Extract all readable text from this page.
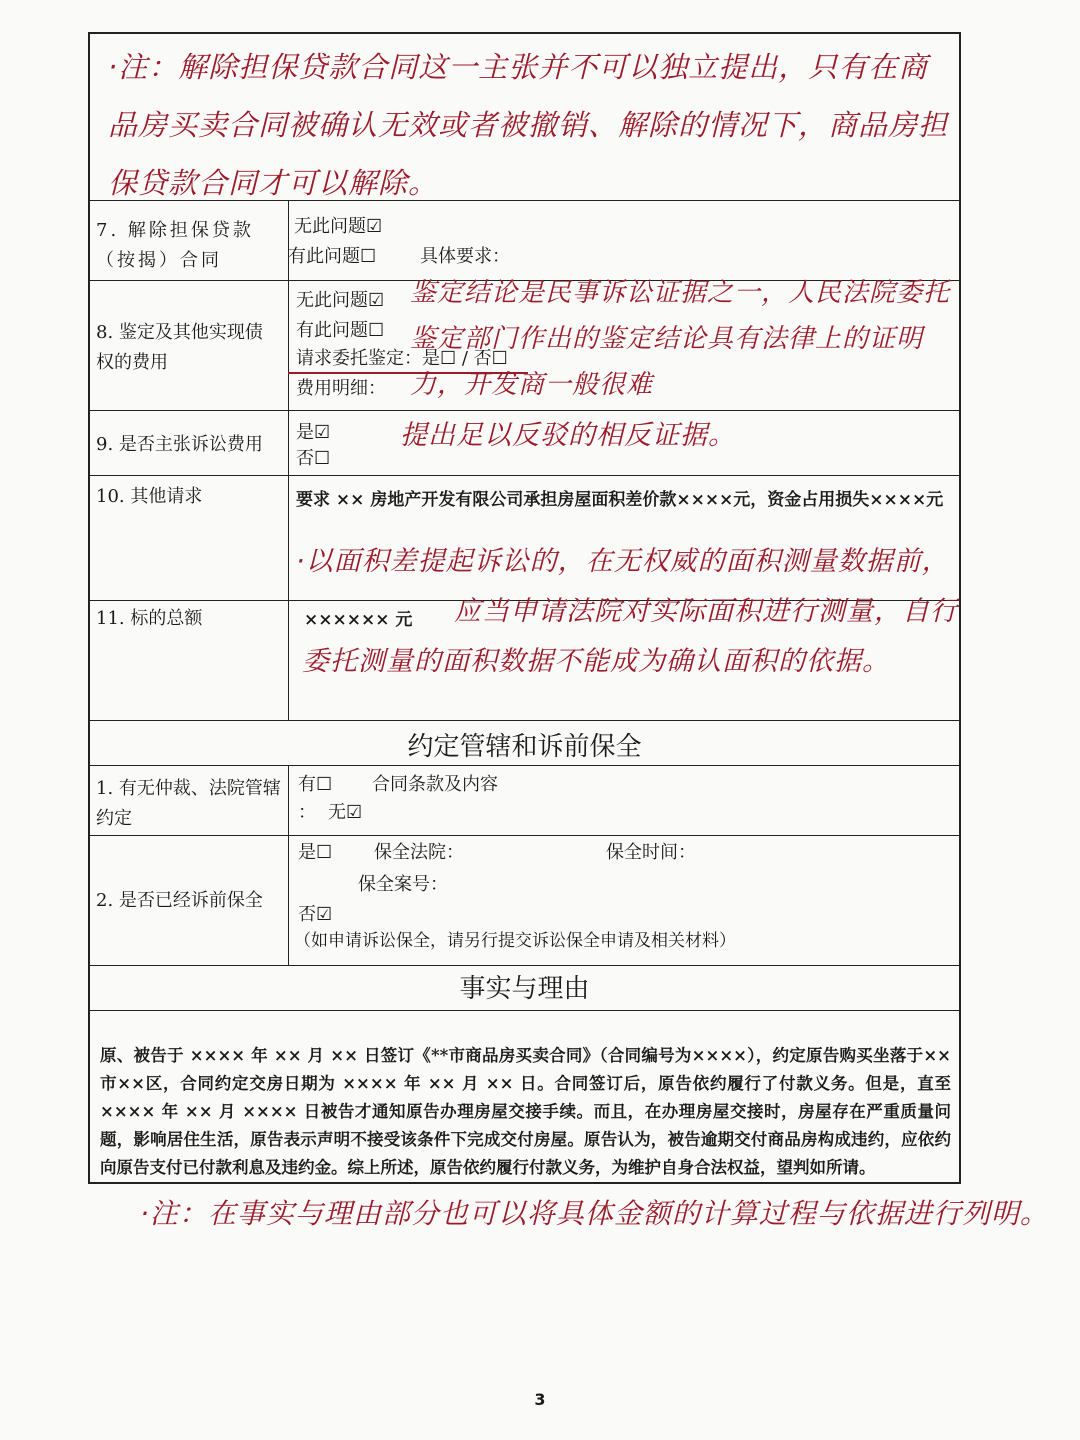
·注：解除担保贷款合同这一主张并不可以独立提出，只有在商品房买卖合同被确认无效或者被撤销、解除的情况下，商品房担保贷款合同才可以解除。
7. 解除担保贷款（按揭）合同
无此问题☑
有此问题☐ 具体要求：
8. 鉴定及其他实现债权的费用
无此问题☑
有此问题☐
请求委托鉴定：是☐ / 否☐
费用明细：
鉴定结论是民事诉讼证据之一，人民法院委托鉴定部门作出的鉴定结论具有法律上的证明力，开发商一般很难
9. 是否主张诉讼费用
是☑
否☐
提出足以反驳的相反证据。
10. 其他请求	要求 ×× 房地产开发有限公司承担房屋面积差价款××××元，资金占用损失××××元
·以面积差提起诉讼的，在无权威的面积测量数据前，
11. 标的总额	×××××× 元 应当申请法院对实际面积进行测量，自行
委托测量的面积数据不能成为确认面积的依据。
约定管辖和诉前保全
1. 有无仲裁、法院管辖 约定
有☐ 合同条款及内容
： 无☑
2. 是否已经诉前保全
是☐ 保全法院：	保全时间：
保全案号：
否☑
（如申请诉讼保全，请另行提交诉讼保全申请及相关材料）
事实与理由
原、被告于 ×××× 年 ×× 月 ×× 日签订《**市商品房买卖合同》（合同编号为××××），约定原告购买坐落于××市××区，合同约定交房日期为 ×××× 年 ×× 月 ×× 日。合同签订后，原告依约履行了付款义务。但是，直至 ×××× 年 ×× 月 ×××× 日被告才通知原告办理房屋交接手续。而且，在办理房屋交接时，房屋存在严重质量问题，影响居住生活，原告表示声明不接受该条件下完成交付房屋。原告认为，被告逾期交付商品房构成违约，应依约向原告支付已付款利息及违约金。综上所述，原告依约履行付款义务，为维护自身合法权益，望判如所请。
·注：在事实与理由部分也可以将具体金额的计算过程与依据进行列明。
3
